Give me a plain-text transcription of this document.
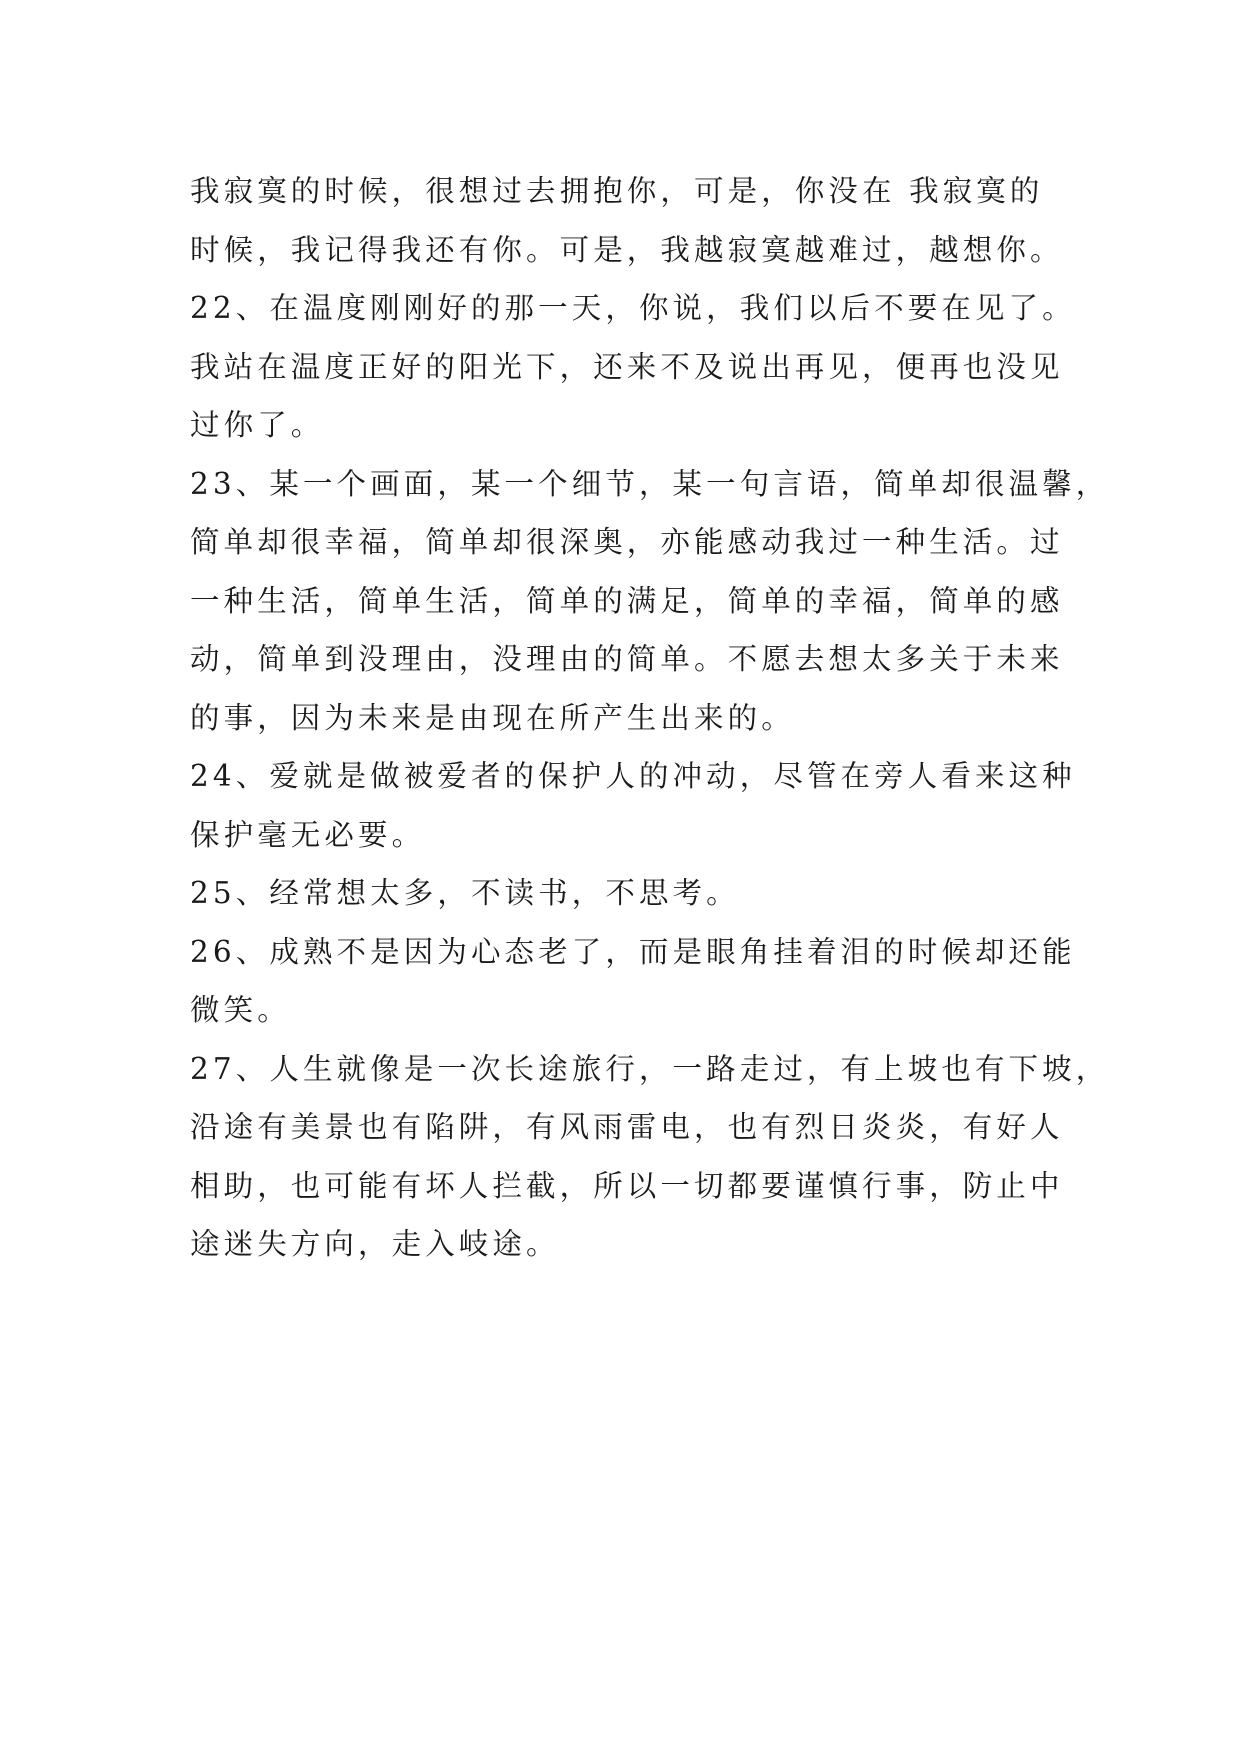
我寂寞的时候，很想过去拥抱你，可是，你没在 我寂寞的
时候，我记得我还有你。可是，我越寂寞越难过，越想你。
22、在温度刚刚好的那一天，你说，我们以后不要在见了。
我站在温度正好的阳光下，还来不及说出再见，便再也没见
过你了。
23、某一个画面，某一个细节，某一句言语，简单却很温馨，
简单却很幸福，简单却很深奥，亦能感动我过一种生活。过
一种生活，简单生活，简单的满足，简单的幸福，简单的感
动，简单到没理由，没理由的简单。不愿去想太多关于未来
的事，因为未来是由现在所产生出来的。
24、爱就是做被爱者的保护人的冲动，尽管在旁人看来这种
保护毫无必要。
25、经常想太多，不读书，不思考。
26、成熟不是因为心态老了，而是眼角挂着泪的时候却还能
微笑。
27、人生就像是一次长途旅行，一路走过，有上坡也有下坡，
沿途有美景也有陷阱，有风雨雷电，也有烈日炎炎，有好人
相助，也可能有坏人拦截，所以一切都要谨慎行事，防止中
途迷失方向，走入岐途。
